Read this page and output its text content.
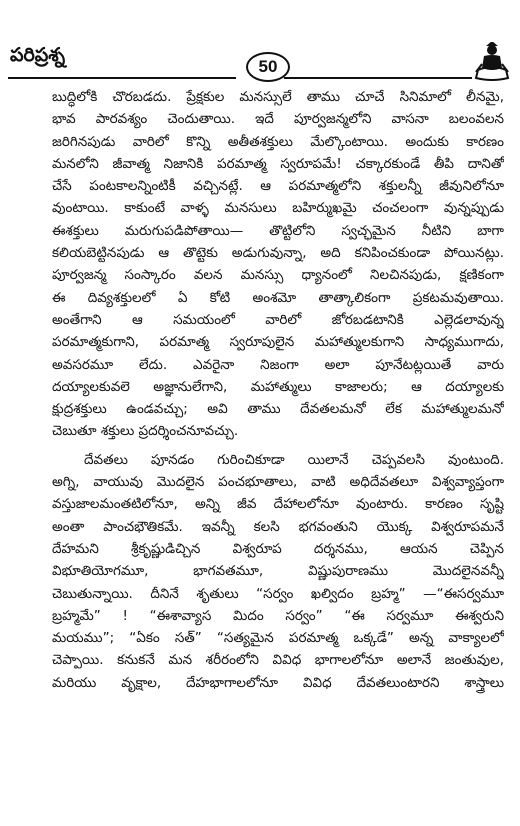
పరిప్రశ్న
50
బుద్ధిలోకి చొరబడదు. ప్రేక్షకుల మనస్సులే తాము చూచే సినిమాలో లీనమై,
భావ పారవశ్యం చెందుతాయి. ఇదే పూర్వజన్మలోని వాసనా బలంవలన
జరిగినపుడు వారిలో కొన్ని అతీతశక్తులు మేల్కొంటాయి. అందుకు కారణం
మనలోని జీవాత్మ నిజానికి పరమాత్మ స్వరూపమే! చక్కారకుండే తీపి దానితో
చేసే పంటకాలన్నింటికీ వచ్చినట్లే. ఆ పరమాత్మలోని శక్తులన్నీ జీవునిలోనూ
వుంటాయి. కాకుంటే వాళ్ళ మనసులు బహిర్ముఖమై చంచలంగా వున్నప్పుడు
ఈశక్తులు మరుగుపడిపోతాయి— తొట్టిలోని స్వచ్ఛమైన నీటిని బాగా
కలియబెట్టినపుడు ఆ తొట్టెకు అడుగువున్నా, అది కనిపించకుండా పోయినట్లు.
పూర్వజన్మ సంస్కారం వలన మనస్సు ధ్యానంలో నిలచినపుడు, క్షణికంగా
ఈ దివ్యశక్తులలో ఏ కోటి అంశమో తాత్కాలికంగా ప్రకటమవుతాయి.
అంతేగాని ఆ సమయంలో వారిలో జోరబడటానికి ఎల్లెడలావున్న
పరమాత్మకుగాని, పరమాత్మ స్వరూపులైన మహాత్ములకుగాని సాధ్యముగాదు,
అవసరమూ లేదు. ఎవరైనా నిజంగా అలా పూనేటట్లయితే వారు
దయ్యాలకువలె అజ్ఞానులేగాని, మహాత్ములు కాజాలరు; ఆ దయ్యాలకు
క్షుద్రశక్తులు ఉండవచ్చు; అవి తాము దేవతలమనో లేక మహాత్ములమనో
చెబుతూ శక్తులు ప్రదర్శించనూవచ్చు.
దేవతలు పూనడం గురించికూడా యిలానే చెప్పవలసి వుంటుంది.
అగ్ని, వాయువు మొదలైన పంచభూతాలు, వాటి అధిదేవతలూ విశ్వవ్యాప్తంగా
వస్తుజాలమంతటిలోనూ, అన్ని జీవ దేహాలలోనూ వుంటారు. కారణం సృష్టి
అంతా పాంచభౌతికమే. ఇవన్నీ కలసి భగవంతుని యొక్క విశ్వరూపమనే
దేహమని శ్రీకృష్ణుడిచ్చిన విశ్వరూప దర్శనము, ఆయన చెప్పిన
విభూతియోగమూ, భాగవతమూ, విష్ణుపురాణము మొదలైనవన్నీ
చెబుతున్నాయి. దీనినే శృతులు “సర్వం ఖల్విదం బ్రహ్మ” —“ఈసర్వమూ
బ్రహ్మమే” ! “ఈశావ్యాస మిదం సర్వం” “ఈ సర్వమూ ఈశ్వరుని
మయము”; “ఏకం సత్” “సత్యమైన పరమాత్మ ఒక్కడే” అన్న వాక్యాలలో
చెప్పాయి. కనుకనే మన శరీరంలోని వివిధ భాగాలలోనూ అలానే జంతువుల,
మరియు వృక్షాల, దేహభాగాలలోనూ వివిధ దేవతలుంటారని శాస్త్రాలు
